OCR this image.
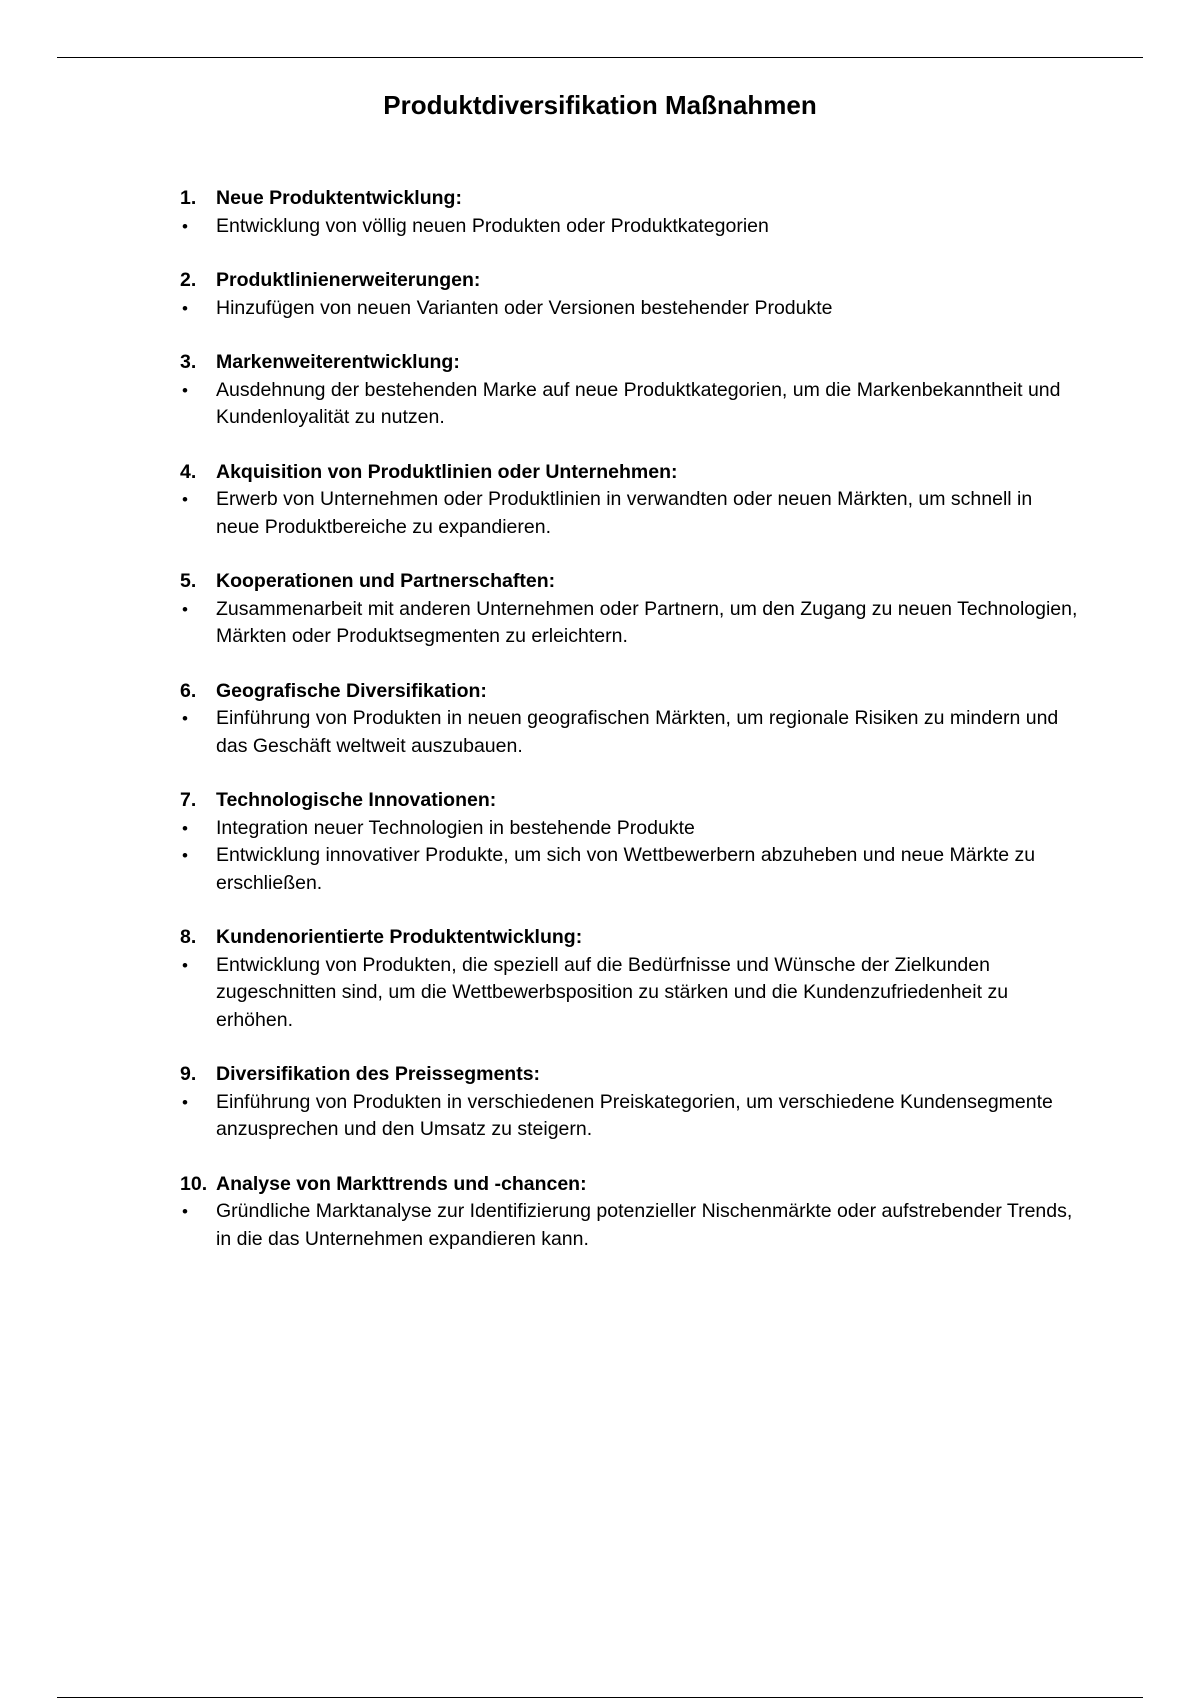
Produktdiversifikation Maßnahmen
1.	Neue Produktentwicklung:
•	Entwicklung von völlig neuen Produkten oder Produktkategorien
2.	Produktlinienerweiterungen:
•	Hinzufügen von neuen Varianten oder Versionen bestehender Produkte
3.	Markenweiterentwicklung:
•	Ausdehnung der bestehenden Marke auf neue Produktkategorien, um die Markenbekanntheit und Kundenloyalität zu nutzen.
4.	Akquisition von Produktlinien oder Unternehmen:
•	Erwerb von Unternehmen oder Produktlinien in verwandten oder neuen Märkten, um schnell in neue Produktbereiche zu expandieren.
5.	Kooperationen und Partnerschaften:
•	Zusammenarbeit mit anderen Unternehmen oder Partnern, um den Zugang zu neuen Technologien, Märkten oder Produktsegmenten zu erleichtern.
6.	Geografische Diversifikation:
•	Einführung von Produkten in neuen geografischen Märkten, um regionale Risiken zu mindern und das Geschäft weltweit auszubauen.
7.	Technologische Innovationen:
•	Integration neuer Technologien in bestehende Produkte
•	Entwicklung innovativer Produkte, um sich von Wettbewerbern abzuheben und neue Märkte zu erschließen.
8.	Kundenorientierte Produktentwicklung:
•	Entwicklung von Produkten, die speziell auf die Bedürfnisse und Wünsche der Zielkunden zugeschnitten sind, um die Wettbewerbsposition zu stärken und die Kundenzufriedenheit zu erhöhen.
9.	Diversifikation des Preissegments:
•	Einführung von Produkten in verschiedenen Preiskategorien, um verschiedene Kundensegmente anzusprechen und den Umsatz zu steigern.
10. Analyse von Markttrends und -chancen:
•	Gründliche Marktanalyse zur Identifizierung potenzieller Nischenmärkte oder aufstrebender Trends, in die das Unternehmen expandieren kann.
